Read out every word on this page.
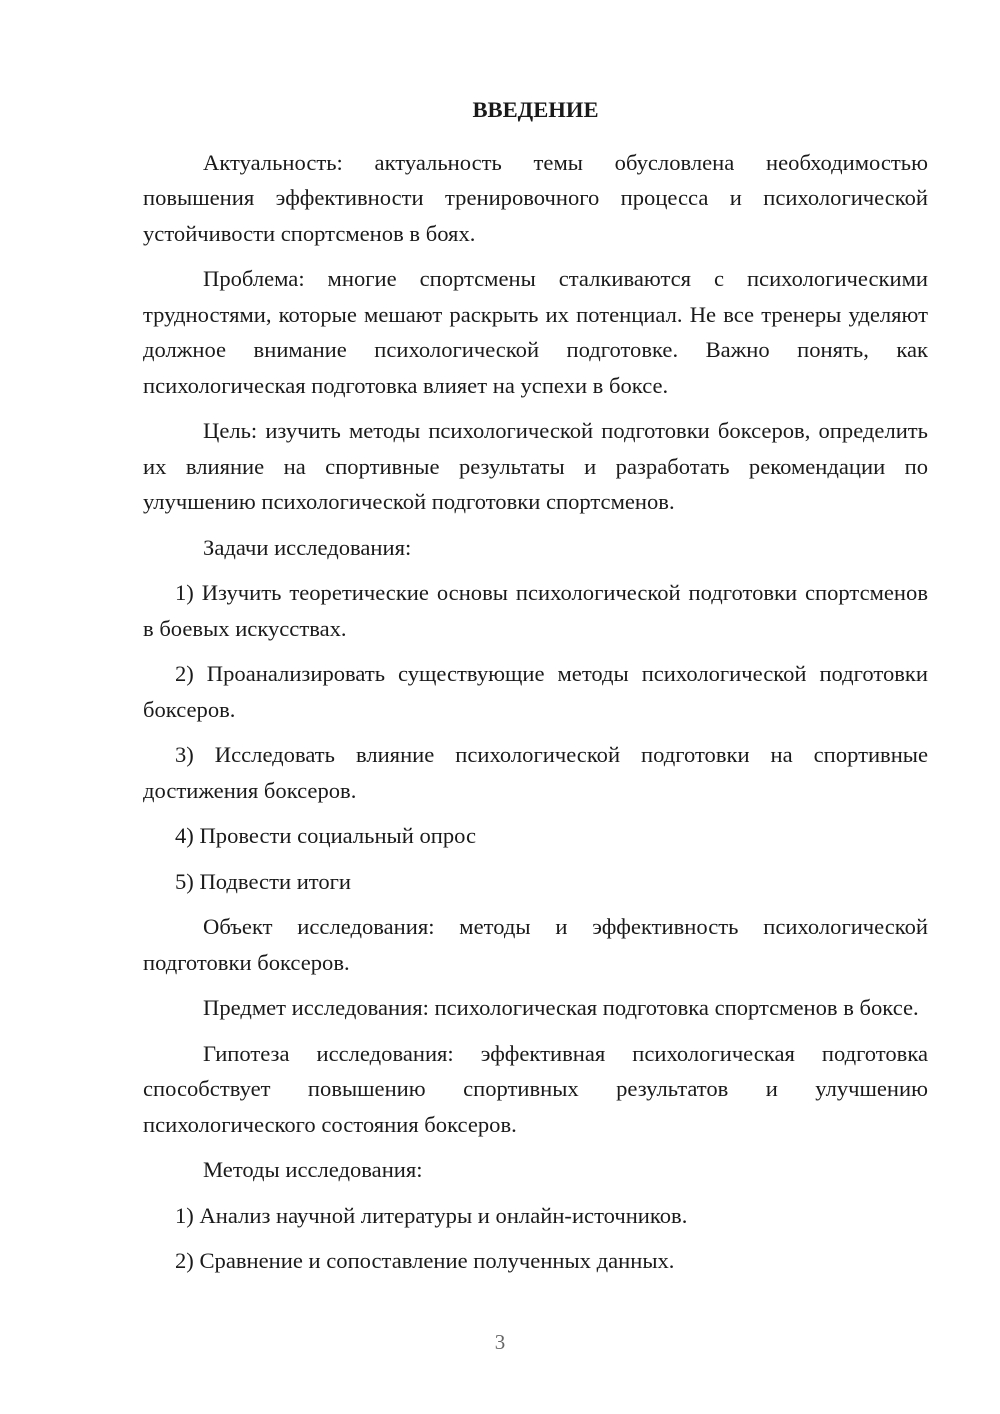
ВВЕДЕНИЕ

Актуальность: актуальность темы обусловлена необходимостью повышения эффективности тренировочного процесса и психологической устойчивости спортсменов в боях.

Проблема: многие спортсмены сталкиваются с психологическими трудностями, которые мешают раскрыть их потенциал. Не все тренеры уделяют должное внимание психологической подготовке. Важно понять, как психологическая подготовка влияет на успехи в боксе.

Цель: изучить методы психологической подготовки боксеров, определить их влияние на спортивные результаты и разработать рекомендации по улучшению психологической подготовки спортсменов.

Задачи исследования:

1) Изучить теоретические основы психологической подготовки спортсменов в боевых искусствах.

2) Проанализировать существующие методы психологической подготовки боксеров.

3) Исследовать влияние психологической подготовки на спортивные достижения боксеров.

4) Провести социальный опрос

5) Подвести итоги

Объект исследования: методы и эффективность психологической подготовки боксеров.

Предмет исследования: психологическая подготовка спортсменов в боксе.

Гипотеза исследования: эффективная психологическая подготовка способствует повышению спортивных результатов и улучшению психологического состояния боксеров.

Методы исследования:

1) Анализ научной литературы и онлайн-источников.

2) Сравнение и сопоставление полученных данных.

3
